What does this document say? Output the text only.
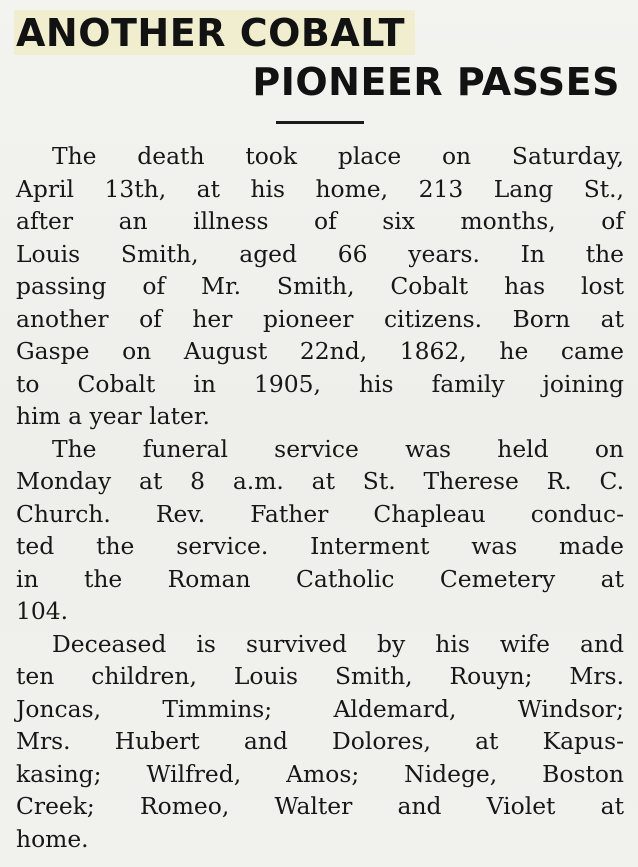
ANOTHER COBALT
PIONEER PASSES

The death took place on Saturday,
April 13th, at his home, 213 Lang St.,
after an illness of six months, of
Louis Smith, aged 66 years. In the
passing of Mr. Smith, Cobalt has lost
another of her pioneer citizens. Born at
Gaspe on August 22nd, 1862, he came
to Cobalt in 1905, his family joining
him a year later.

The funeral service was held on
Monday at 8 a.m. at St. Therese R. C.
Church. Rev. Father Chapleau conduc-
ted the service. Interment was made
in the Roman Catholic Cemetery at
104.

Deceased is survived by his wife and
ten children, Louis Smith, Rouyn; Mrs.
Joncas, Timmins; Aldemard, Windsor;
Mrs. Hubert and Dolores, at Kapus-
kasing; Wilfred, Amos; Nidege, Boston
Creek; Romeo, Walter and Violet at
home.
